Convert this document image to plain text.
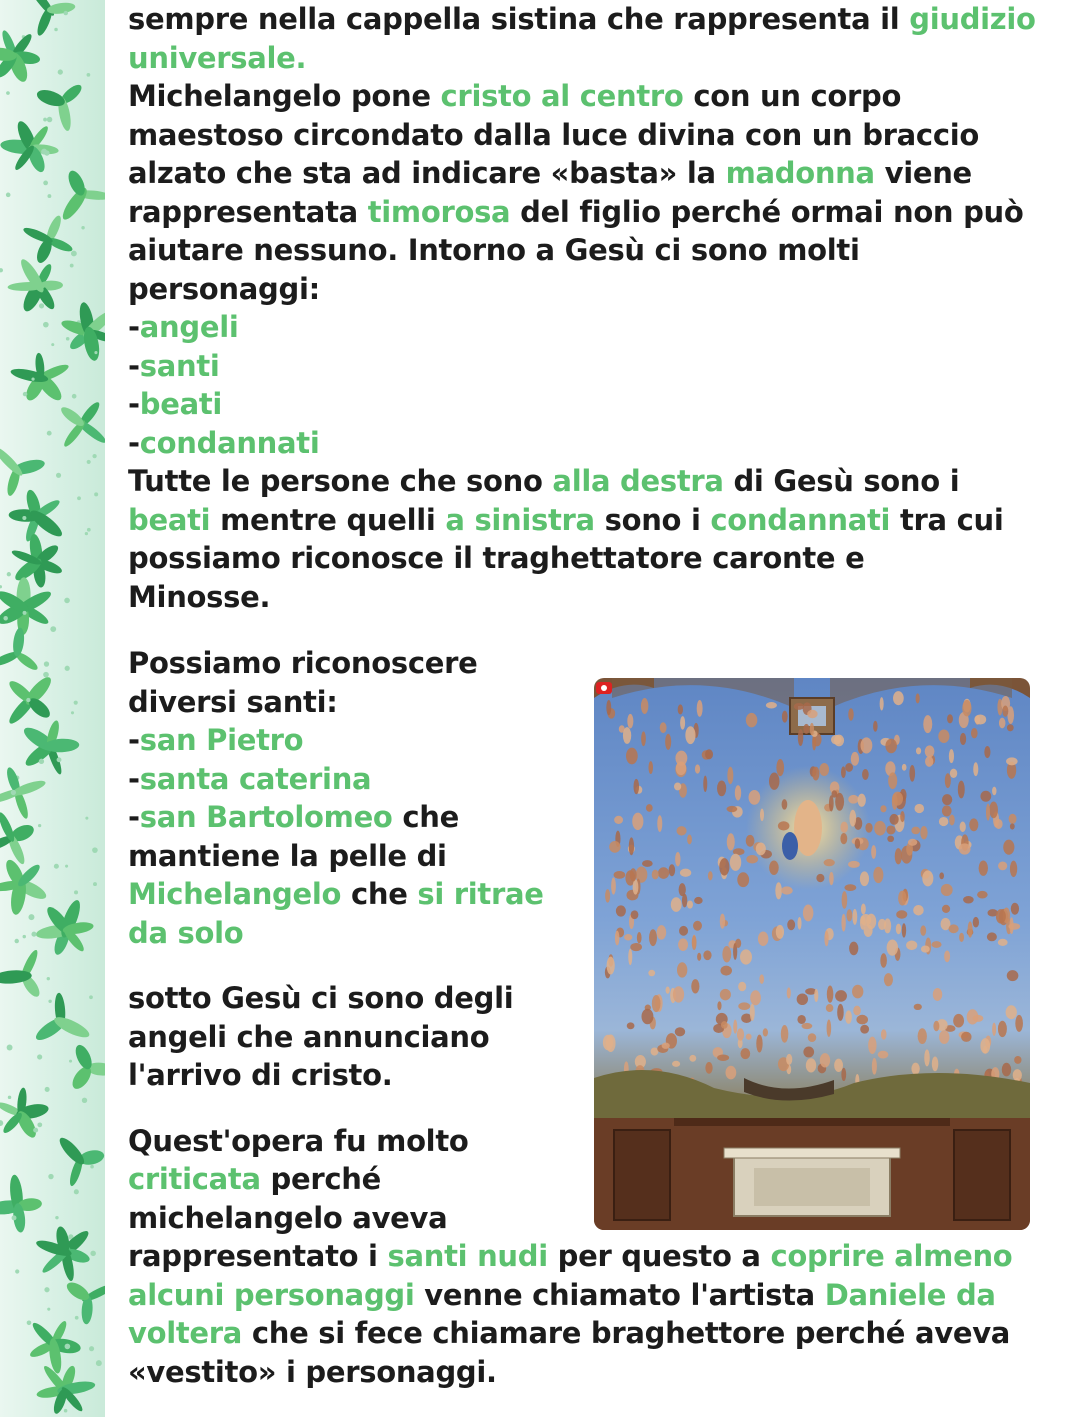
sempre nella cappella sistina che rappresenta il giudizio
universale.
Michelangelo pone cristo al centro con un corpo
maestoso circondato dalla luce divina con un braccio
alzato che sta ad indicare «basta» la madonna viene
rappresentata timorosa del figlio perché ormai non può
aiutare nessuno. Intorno a Gesù ci sono molti
personaggi:
-angeli
-santi
-beati
-condannati
Tutte le persone che sono alla destra di Gesù sono i
beati mentre quelli a sinistra sono i condannati tra cui
possiamo riconosce il traghettatore caronte e
Minosse.
Possiamo riconoscere
diversi santi:
-san Pietro
-santa caterina
-san Bartolomeo che
mantiene la pelle di
Michelangelo che si ritrae
da solo
sotto Gesù ci sono degli
angeli che annunciano
l'arrivo di cristo.
Quest'opera fu molto
criticata perché
michelangelo aveva
rappresentato i santi nudi per questo a coprire almeno
alcuni personaggi venne chiamato l'artista Daniele da
voltera che si fece chiamare braghettore perché aveva
«vestito» i personaggi.
